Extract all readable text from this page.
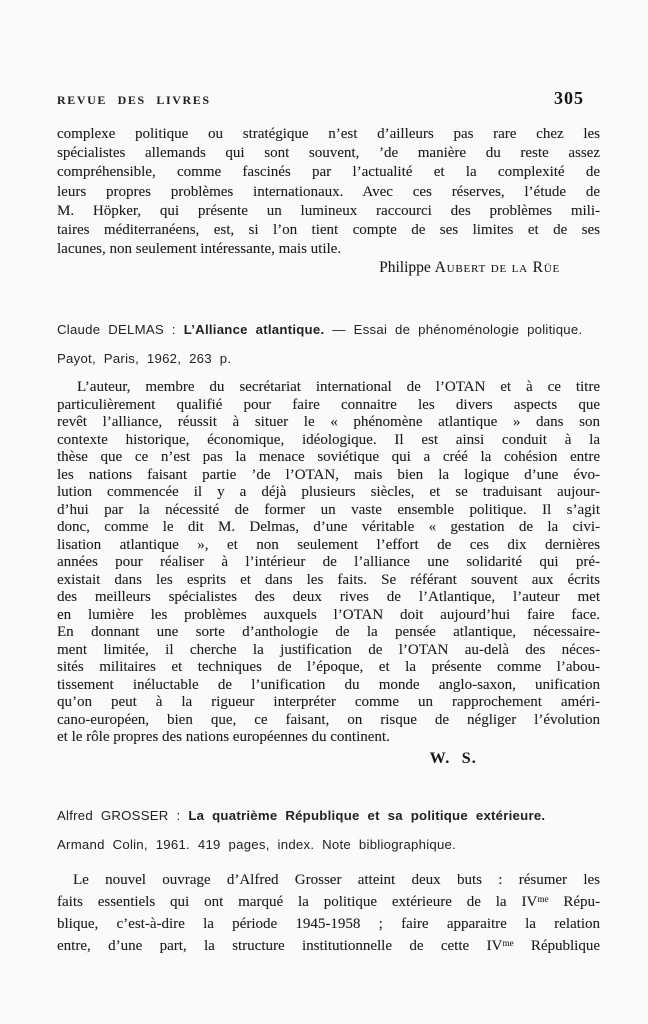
REVUE DES LIVRES	305
complexe politique ou stratégique n’est d’ailleurs pas rare chez les
spécialistes allemands qui sont souvent, ’de manière du reste assez
compréhensible, comme fascinés par l’actualité et la complexité de
leurs propres problèmes internationaux. Avec ces réserves, l’étude de
M. Höpker, qui présente un lumineux raccourci des problèmes mili-
taires méditerranéens, est, si l’on tient compte de ses limites et de ses
lacunes, non seulement intéressante, mais utile.
Philippe Aubert de la Rüe
Claude DELMAS : L’Alliance atlantique. — Essai de phénoménologie politique.
Payot, Paris, 1962, 263 p.
L’auteur, membre du secrétariat international de l’OTAN et à ce titre
particulièrement qualifié pour faire connaitre les divers aspects que
revêt l’alliance, réussit à situer le « phénomène atlantique » dans son
contexte historique, économique, idéologique. Il est ainsi conduit à la
thèse que ce n’est pas la menace soviétique qui a créé la cohésion entre
les nations faisant partie ’de l’OTAN, mais bien la logique d’une évo-
lution commencée il y a déjà plusieurs siècles, et se traduisant aujour-
d’hui par la nécessité de former un vaste ensemble politique. Il s’agit
donc, comme le dit M. Delmas, d’une véritable « gestation de la civi-
lisation atlantique », et non seulement l’effort de ces dix dernières
années pour réaliser à l’intérieur de l’alliance une solidarité qui pré-
existait dans les esprits et dans les faits. Se référant souvent aux écrits
des meilleurs spécialistes des deux rives de l’Atlantique, l’auteur met
en lumière les problèmes auxquels l’OTAN doit aujourd’hui faire face.
En donnant une sorte d’anthologie de la pensée atlantique, nécessaire-
ment limitée, il cherche la justification de l’OTAN au-delà des néces-
sités militaires et techniques de l’époque, et la présente comme l’abou-
tissement inéluctable de l’unification du monde anglo-saxon, unification
qu’on peut à la rigueur interpréter comme un rapprochement améri-
cano-européen, bien que, ce faisant, on risque de négliger l’évolution
et le rôle propres des nations européennes du continent.
W. S.
Alfred GROSSER : La quatrième République et sa politique extérieure.
Armand Colin, 1961. 419 pages, index. Note bibliographique.
Le nouvel ouvrage d’Alfred Grosser atteint deux buts : résumer les
faits essentiels qui ont marqué la politique extérieure de la IVᵐᵉ Répu-
blique, c’est-à-dire la période 1945-1958 ; faire apparaitre la relation
entre, d’une part, la structure institutionnelle de cette IVᵐᵉ République
